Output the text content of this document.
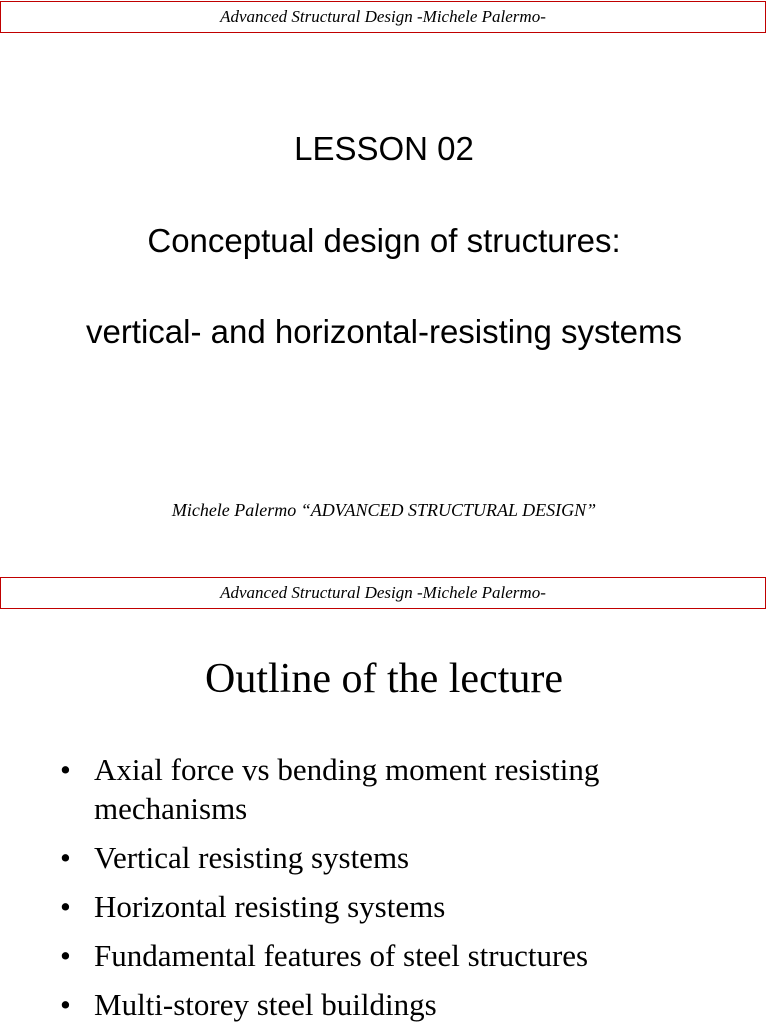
Advanced Structural Design -Michele Palermo-
LESSON 02
Conceptual design of structures:
vertical- and horizontal-resisting systems
Michele Palermo “ADVANCED STRUCTURAL DESIGN”
Advanced Structural Design -Michele Palermo-
Outline of the lecture
• Axial force vs bending moment resisting mechanisms
• Vertical resisting systems
• Horizontal resisting systems
• Fundamental features of steel structures
• Multi-storey steel buildings
